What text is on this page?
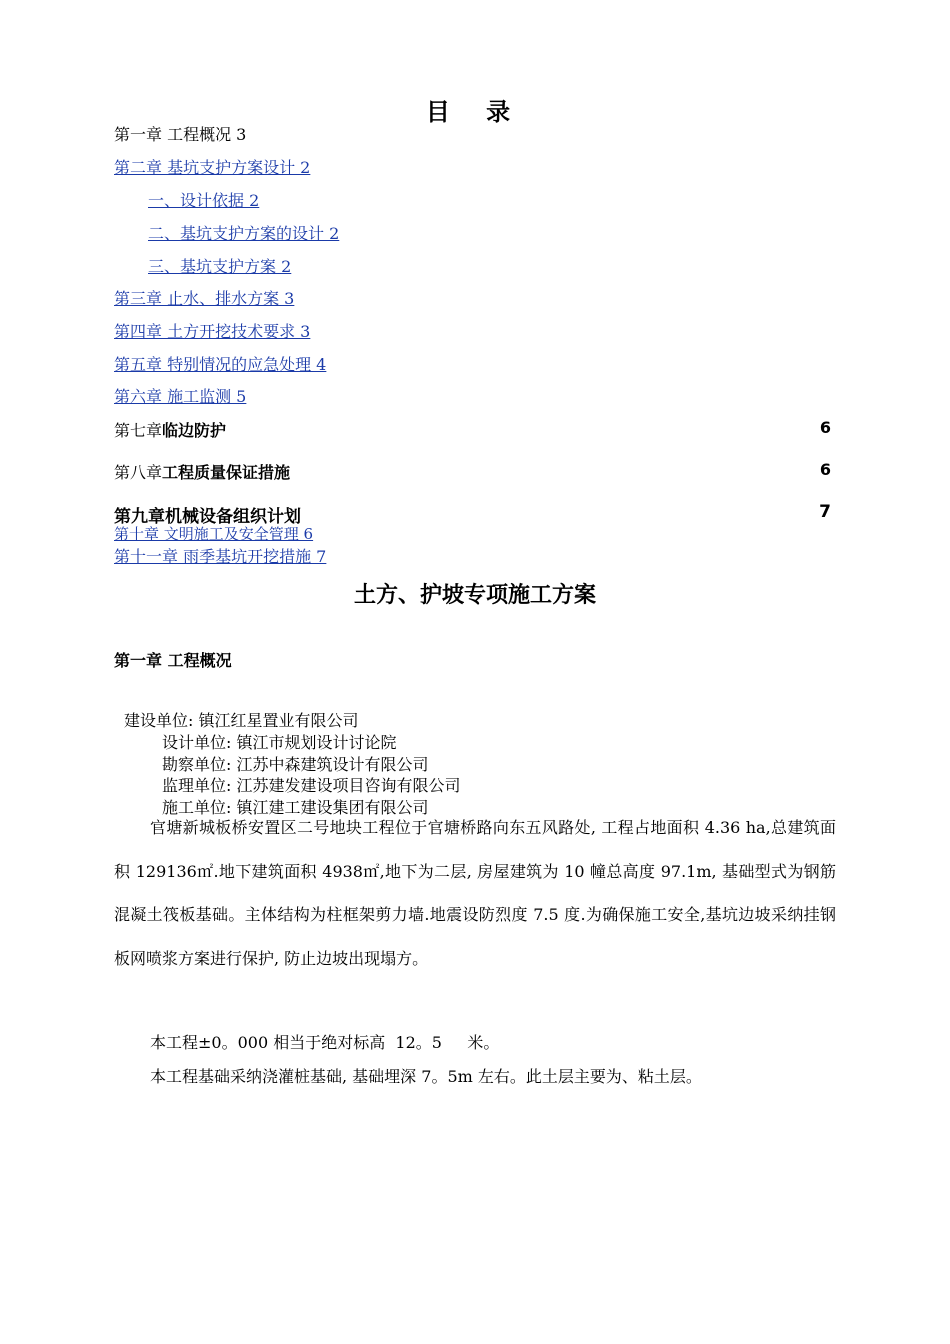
目 录
第一章 工程概况 3
第二章 基坑支护方案设计 2
一、设计依据 2
二、基坑支护方案的设计 2
三、基坑支护方案 2
第三章 止水、排水方案 3
第四章 土方开挖技术要求 3
第五章 特别情况的应急处理 4
第六章 施工监测 5
第七章临边防护	6
第八章工程质量保证措施	6
第九章机械设备组织计划	7
第十章 文明施工及安全管理 6
第十一章 雨季基坑开挖措施 7
土方、护坡专项施工方案
第一章 工程概况
建设单位: 镇江红星置业有限公司
设计单位: 镇江市规划设计讨论院
勘察单位: 江苏中森建筑设计有限公司
监理单位: 江苏建发建设项目咨询有限公司
施工单位: 镇江建工建设集团有限公司
官塘新城板桥安置区二号地块工程位于官塘桥路向东五风路处, 工程占地面积 4.36 ha,总建筑面积 129136㎡.地下建筑面积 4938㎡,地下为二层, 房屋建筑为 10 幢总高度 97.1m, 基础型式为钢筋混凝土筏板基础。主体结构为柱框架剪力墙.地震设防烈度 7.5 度.为确保施工安全,基坑边坡采纳挂钢板网喷浆方案进行保护, 防止边坡出现塌方。
本工程±0。000 相当于绝对标高  12。5     米。
本工程基础采纳浇灌桩基础, 基础埋深 7。5m 左右。此土层主要为、粘土层。
